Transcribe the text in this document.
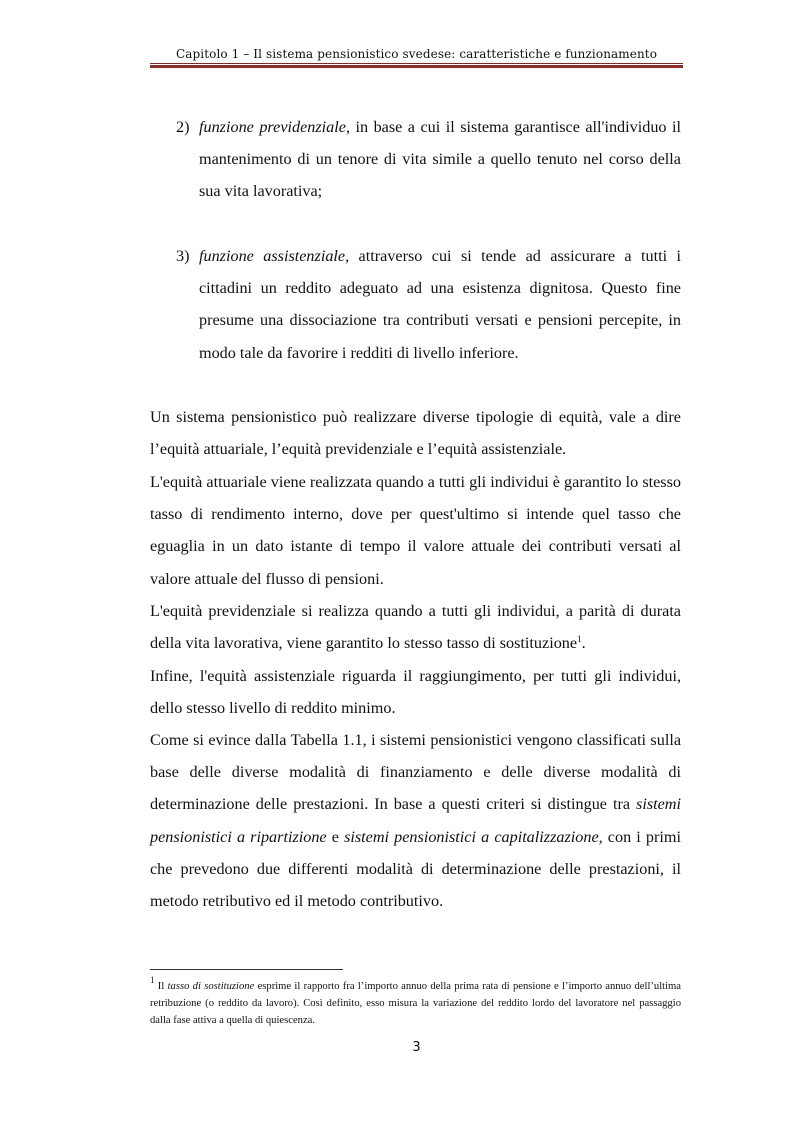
Capitolo 1 – Il sistema pensionistico svedese: caratteristiche e funzionamento
2) funzione previdenziale, in base a cui il sistema garantisce all'individuo il mantenimento di un tenore di vita simile a quello tenuto nel corso della sua vita lavorativa;
3) funzione assistenziale, attraverso cui si tende ad assicurare a tutti i cittadini un reddito adeguato ad una esistenza dignitosa. Questo fine presume una dissociazione tra contributi versati e pensioni percepite, in modo tale da favorire i redditi di livello inferiore.
Un sistema pensionistico può realizzare diverse tipologie di equità, vale a dire l’equità attuariale, l’equità previdenziale e l’equità assistenziale.
L'equità attuariale viene realizzata quando a tutti gli individui è garantito lo stesso tasso di rendimento interno, dove per quest'ultimo si intende quel tasso che eguaglia in un dato istante di tempo il valore attuale dei contributi versati al valore attuale del flusso di pensioni.
L'equità previdenziale si realizza quando a tutti gli individui, a parità di durata della vita lavorativa, viene garantito lo stesso tasso di sostituzione$^1$.
Infine, l'equità assistenziale riguarda il raggiungimento, per tutti gli individui, dello stesso livello di reddito minimo.
Come si evince dalla Tabella 1.1, i sistemi pensionistici vengono classificati sulla base delle diverse modalità di finanziamento e delle diverse modalità di determinazione delle prestazioni. In base a questi criteri si distingue tra sistemi pensionistici a ripartizione e sistemi pensionistici a capitalizzazione, con i primi che prevedono due differenti modalità di determinazione delle prestazioni, il metodo retributivo ed il metodo contributivo.
$^1$ Il tasso di sostituzione esprime il rapporto fra l’importo annuo della prima rata di pensione e l’importo annuo dell’ultima retribuzione (o reddito da lavoro). Così definito, esso misura la variazione del reddito lordo del lavoratore nel passaggio dalla fase attiva a quella di quiescenza.
3
